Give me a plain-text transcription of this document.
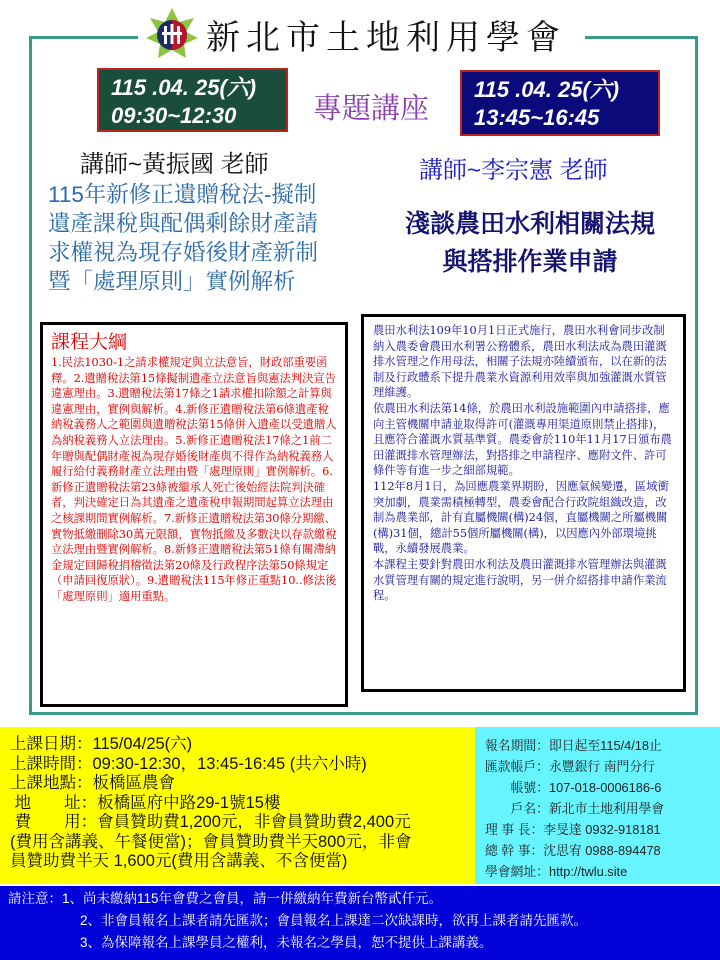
新北市土地利用學會
115 .04. 25(六)
09:30~12:30	專題講座
115 .04. 25(六)
13:45~16:45
講師~黃振國 老師	講師~李宗憲 老師
115年新修正遺贈稅法-擬制遺產課稅與配偶剩餘財產請求權視為現存婚後財產新制暨「處理原則」實例解析
淺談農田水利相關法規
與搭排作業申請
課程大綱
1.民法1030-1之請求權規定與立法意旨，財政部重要函釋。2.遺贈稅法第15條擬制遺產立法意旨與憲法判決宣告違憲理由。3.遺贈稅法第17條之1請求權扣除額之計算與違憲理由，實例與解析。4.新修正遺贈稅法第6條遺產稅納稅義務人之範圍與遺贈稅法第15條併入遺產以受遺贈人為納稅義務人立法理由。5.新修正遺贈稅法17條之1前二年贈與配偶財產視為現存婚後財產與不得作為納稅義務人履行給付義務財產立法理由暨「處理原則」實例解析。6.新修正遺贈稅法第23條被繼承人死亡後始經法院判決確者，判決確定日為其遺產之遺產稅申報期間起算立法理由之核課期間實例解析。7.新修正遺贈稅法第30條分期繳、實物抵繳刪除30萬元限額，實物抵繳及多數決以存款繳稅立法理由暨實例解析。8.新修正遺贈稅法第51條有關滯納金規定回歸稅捐稽徵法第20條及行政程序法第50條規定（申請回復原狀）。9.遺贈稅法115年修正重點10..修法後「處理原則」適用重點。
農田水利法109年10月1日正式施行，農田水利會同步改制納入農委會農田水利署公務體系，農田水利法成為農田灌溉排水管理之作用母法，相關子法規亦陸續頒布，以在新的法制及行政體系下提升農業水資源利用效率與加強灌溉水質管理維護。
依農田水利法第14條，於農田水利設施範圍內申請搭排，應向主管機關申請並取得許可(灌溉專用渠道原則禁止搭排)，且應符合灌溉水質基準質。農委會於110年11月17日頒布農田灌溉排水管理辦法，對搭排之申請程序、應附文件、許可條件等有進一步之細部規範。
112年8月1日，為回應農業界期盼，因應氣候變遷，區域衝突加劇，農業需積極轉型，農委會配合行政院組織改造，改制為農業部，計有直屬機關(構)24個，直屬機關之所屬機關(構)31個，總計55個所屬機關(構)，以因應內外部環境挑戰，永續發展農業。
本課程主要針對農田水利法及農田灌溉排水管理辦法與灌溉水質管理有關的規定進行說明，另一併介紹搭排申請作業流程。
上課日期：115/04/25(六)
上課時間：09:30-12:30，13:45-16:45 (共六小時)
上課地點：板橋區農會
地　　址：板橋區府中路29-1號15樓
費　　用：會員贊助費1,200元，非會員贊助費2,400元
(費用含講義、午餐便當)；會員贊助費半天800元，非會
員贊助費半天 1,600元(費用含講義、不含便當)
報名期間：即日起至115/4/18止
匯款帳戶：永豐銀行 南門分行
　　帳號：107-018-0006186-6
　　戶名：新北市土地利用學會
理 事 長：李旻達 0932-918181
總 幹 事：沈思宥 0988-894478
學會網址：http://twlu.site
請注意：1、尚未繳納115年會費之會員，請一併繳納年費新台幣貳仟元。
2、非會員報名上課者請先匯款；會員報名上課達二次缺課時，欲再上課者請先匯款。
3、為保障報名上課學員之權利，未報名之學員，恕不提供上課講義。
